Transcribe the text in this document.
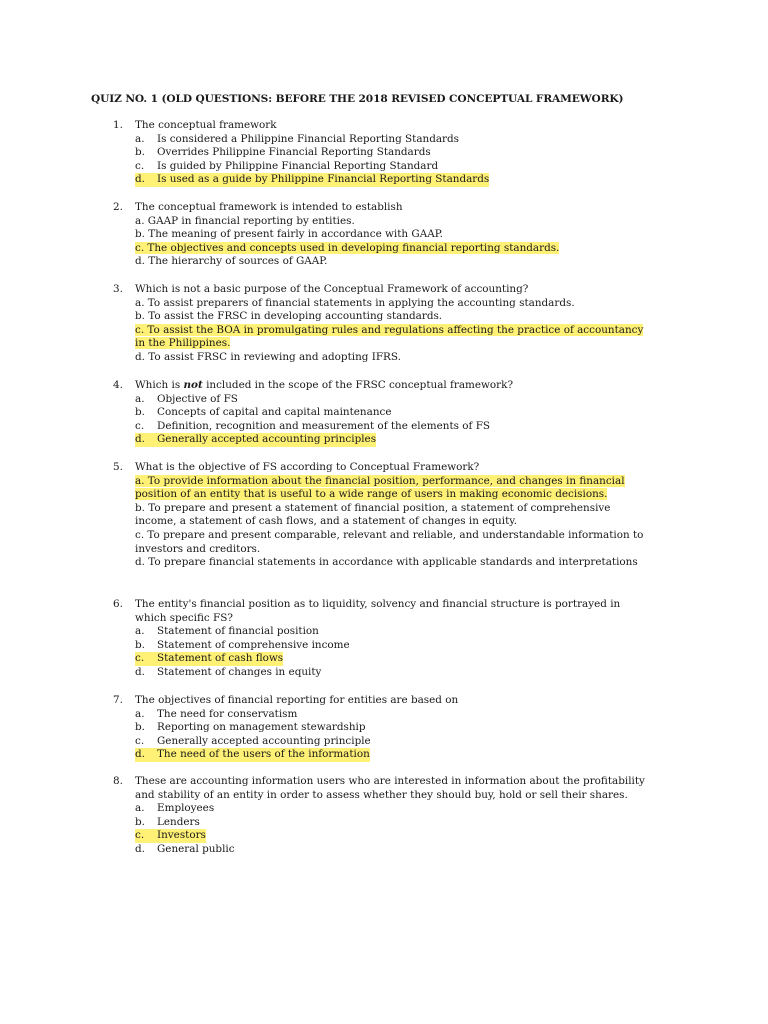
QUIZ NO. 1 (OLD QUESTIONS: BEFORE THE 2018 REVISED CONCEPTUAL FRAMEWORK)
1.	The conceptual framework
a.	Is considered a Philippine Financial Reporting Standards
b.	Overrides Philippine Financial Reporting Standards
c.	Is guided by Philippine Financial Reporting Standard
d. Is used as a guide by Philippine Financial Reporting Standards
2.	The conceptual framework is intended to establish
a. GAAP in financial reporting by entities.
b. The meaning of present fairly in accordance with GAAP.
c. The objectives and concepts used in developing financial reporting standards.
d. The hierarchy of sources of GAAP.
3.	Which is not a basic purpose of the Conceptual Framework of accounting?
a. To assist preparers of financial statements in applying the accounting standards.
b. To assist the FRSC in developing accounting standards.
c. To assist the BOA in promulgating rules and regulations affecting the practice of accountancy
in the Philippines.
d. To assist FRSC in reviewing and adopting IFRS.
4.	Which is not included in the scope of the FRSC conceptual framework?
a.	Objective of FS
b.	Concepts of capital and capital maintenance
c.	Definition, recognition and measurement of the elements of FS
d. Generally accepted accounting principles
5.	What is the objective of FS according to Conceptual Framework?
a. To provide information about the financial position, performance, and changes in financial
position of an entity that is useful to a wide range of users in making economic decisions.
b. To prepare and present a statement of financial position, a statement of comprehensive
income, a statement of cash flows, and a statement of changes in equity.
c. To prepare and present comparable, relevant and reliable, and understandable information to
investors and creditors.
d. To prepare financial statements in accordance with applicable standards and interpretations
6.	The entity's financial position as to liquidity, solvency and financial structure is portrayed in
which specific FS?
a.	Statement of financial position
b.	Statement of comprehensive income
c. Statement of cash flows
d.	Statement of changes in equity
7.	The objectives of financial reporting for entities are based on
a.	The need for conservatism
b.	Reporting on management stewardship
c.	Generally accepted accounting principle
d. The need of the users of the information
8.	These are accounting information users who are interested in information about the profitability
and stability of an entity in order to assess whether they should buy, hold or sell their shares.
a.	Employees
b.	Lenders
c. Investors
d.	General public
